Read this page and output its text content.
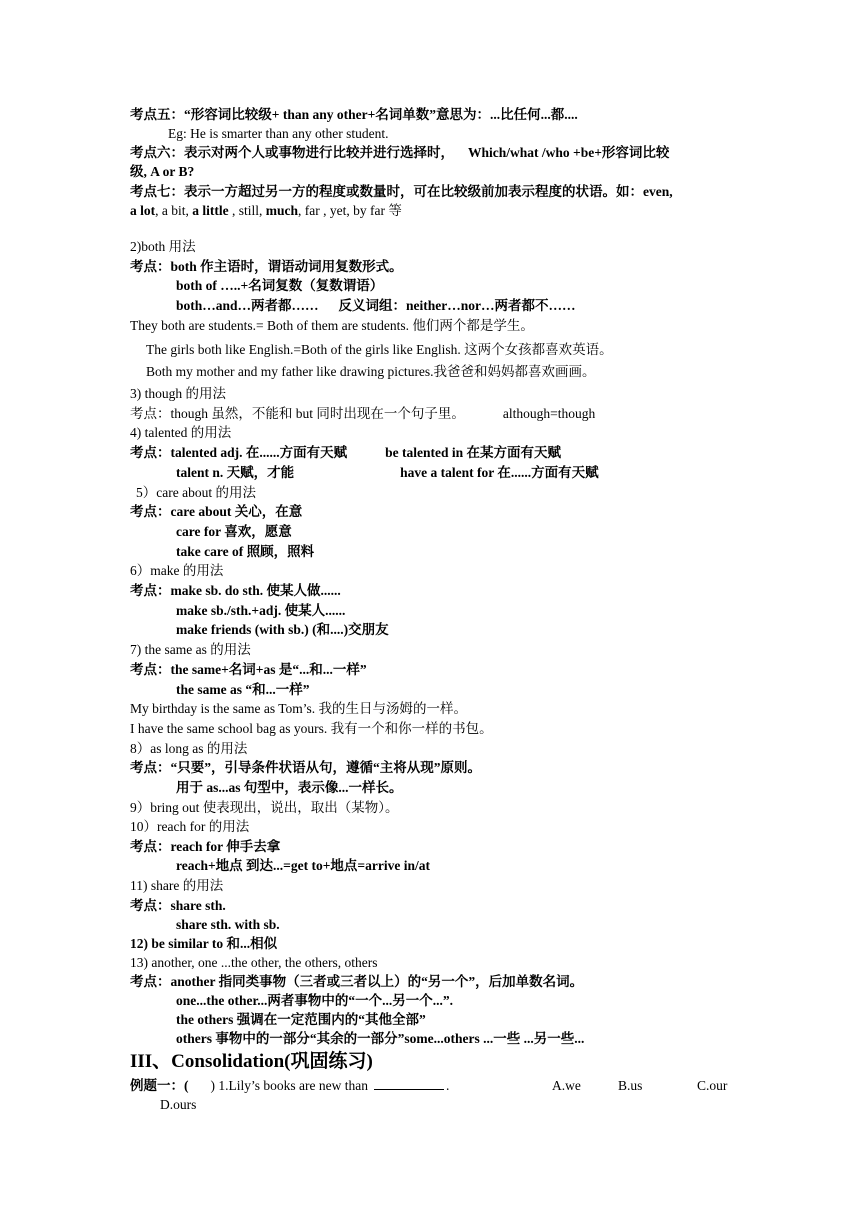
考点五：“形容词比较级+ than any other+名词单数”意思为：...比任何...都....
Eg: He is smarter than any other student.
考点六：表示对两个人或事物进行比较并进行选择时， Which/what /who +be+形容词比较
级, A or B?
考点七：表示一方超过另一方的程度或数量时，可在比较级前加表示程度的状语。如：even,
a lot, a bit, a little , still, much, far , yet, by far 等
2)both 用法
考点：both 作主语时，谓语动词用复数形式。
both of …..+名词复数（复数谓语）
both…and…两者都…… 反义词组：neither…nor…两者都不……
They both are students.= Both of them are students. 他们两个都是学生。
The girls both like English.=Both of the girls like English. 这两个女孩都喜欢英语。
Both my mother and my father like drawing pictures.我爸爸和妈妈都喜欢画画。
3) though 的用法
考点：though 虽然，不能和 but 同时出现在一个句子里。	although=though
4) talented 的用法
考点：talented adj. 在......方面有天赋	be talented in 在某方面有天赋
talent n. 天赋，才能	have a talent for 在......方面有天赋
5）care about 的用法
考点：care about 关心，在意
care for 喜欢，愿意
take care of 照顾，照料
6）make 的用法
考点：make sb. do sth. 使某人做......
make sb./sth.+adj. 使某人......
make friends (with sb.) (和....)交朋友
7) the same as 的用法
考点：the same+名词+as 是“...和...一样”
the same as “和...一样”
My birthday is the same as Tom’s. 我的生日与汤姆的一样。
I have the same school bag as yours. 我有一个和你一样的书包。
8）as long as 的用法
考点：“只要”，引导条件状语从句，遵循“主将从现”原则。
用于 as...as 句型中，表示像...一样长。
9）bring out 使表现出，说出，取出（某物）。
10）reach for 的用法
考点：reach for 伸手去拿
reach+地点 到达...=get to+地点=arrive in/at
11) share 的用法
考点：share sth.
share sth. with sb.
12) be similar to 和...相似
13) another, one ...the other, the others, others
考点：another 指同类事物（三者或三者以上）的“另一个”，后加单数名词。
one...the other...两者事物中的“一个...另一个...”.
the others 强调在一定范围内的“其他全部”
others 事物中的一部分“其余的一部分”some...others ...一些 ...另一些...
III、Consolidation(巩固练习)
例题一：( ) 1.Lily’s books are new than	.	A.we	B.us	C.our
D.ours
